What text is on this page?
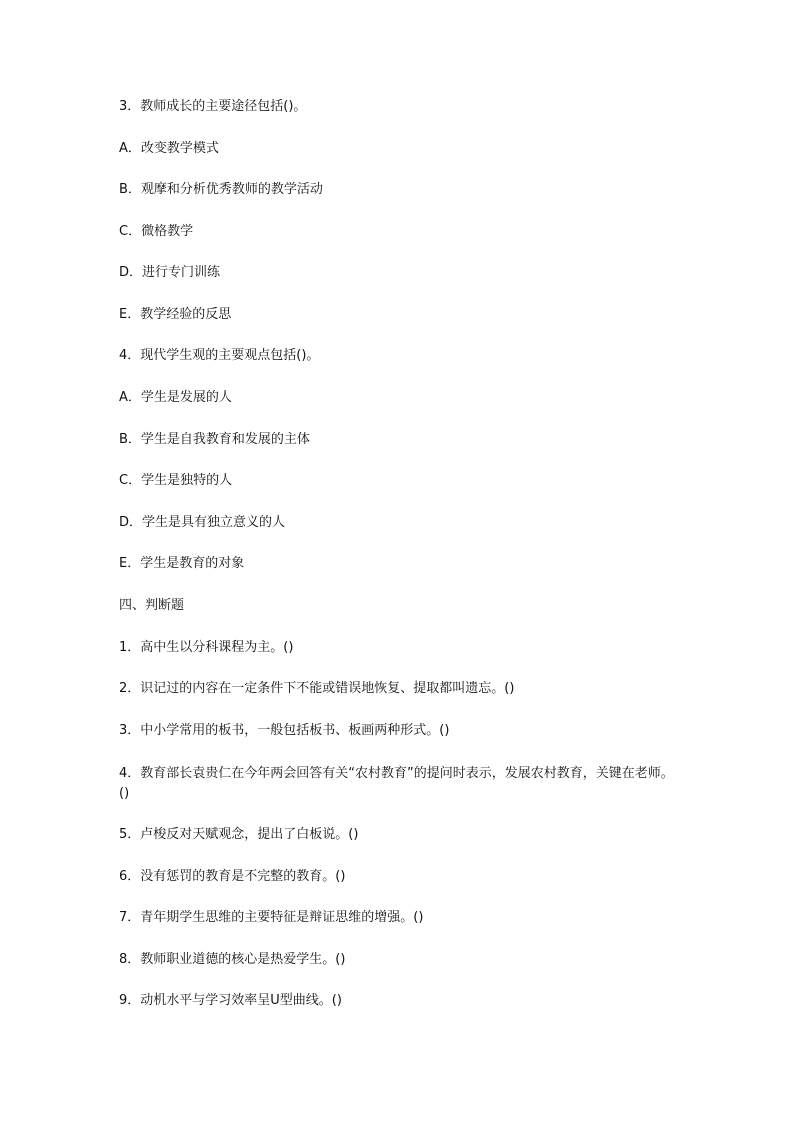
3．教师成长的主要途径包括()。
A．改变教学模式
B．观摩和分析优秀教师的教学活动
C．微格教学
D．进行专门训练
E．教学经验的反思
4．现代学生观的主要观点包括()。
A．学生是发展的人
B．学生是自我教育和发展的主体
C．学生是独特的人
D．学生是具有独立意义的人
E．学生是教育的对象
四、判断题
1．高中生以分科课程为主。()
2．识记过的内容在一定条件下不能或错误地恢复、提取都叫遗忘。()
3．中小学常用的板书，一般包括板书、板画两种形式。()
4．教育部长袁贵仁在今年两会回答有关“农村教育”的提问时表示，发展农村教育，关键在老师。()
5．卢梭反对天赋观念，提出了白板说。()
6．没有惩罚的教育是不完整的教育。()
7．青年期学生思维的主要特征是辩证思维的增强。()
8．教师职业道德的核心是热爱学生。()
9．动机水平与学习效率呈U型曲线。()
